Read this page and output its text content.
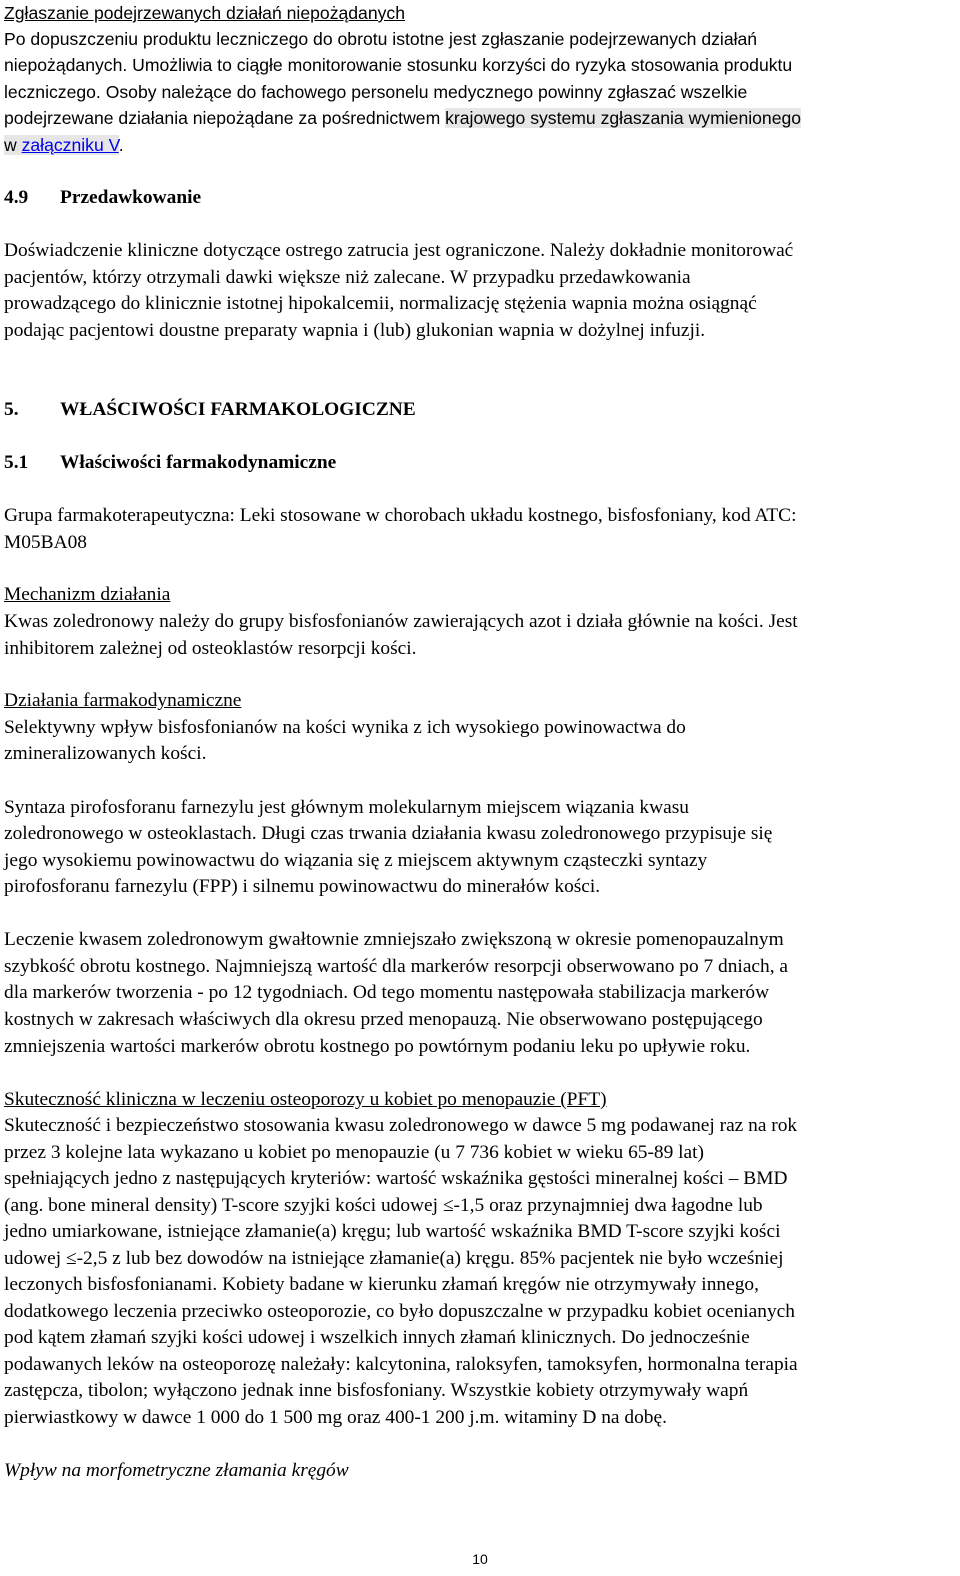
Zgłaszanie podejrzewanych działań niepożądanych
Po dopuszczeniu produktu leczniczego do obrotu istotne jest zgłaszanie podejrzewanych działań
niepożądanych. Umożliwia to ciągłe monitorowanie stosunku korzyści do ryzyka stosowania produktu
leczniczego. Osoby należące do fachowego personelu medycznego powinny zgłaszać wszelkie
podejrzewane działania niepożądane za pośrednictwem krajowego systemu zgłaszania wymienionego
w załączniku V.
4.9 Przedawkowanie
Doświadczenie kliniczne dotyczące ostrego zatrucia jest ograniczone. Należy dokładnie monitorować
pacjentów, którzy otrzymali dawki większe niż zalecane. W przypadku przedawkowania
prowadzącego do klinicznie istotnej hipokalcemii, normalizację stężenia wapnia można osiągnąć
podając pacjentowi doustne preparaty wapnia i (lub) glukonian wapnia w dożylnej infuzji.
5. WŁAŚCIWOŚCI FARMAKOLOGICZNE
5.1 Właściwości farmakodynamiczne
Grupa farmakoterapeutyczna: Leki stosowane w chorobach układu kostnego, bisfosfoniany, kod ATC:
M05BA08
Mechanizm działania
Kwas zoledronowy należy do grupy bisfosfonianów zawierających azot i działa głównie na kości. Jest
inhibitorem zależnej od osteoklastów resorpcji kości.
Działania farmakodynamiczne
Selektywny wpływ bisfosfonianów na kości wynika z ich wysokiego powinowactwa do
zmineralizowanych kości.
Syntaza pirofosforanu farnezylu jest głównym molekularnym miejscem wiązania kwasu
zoledronowego w osteoklastach. Długi czas trwania działania kwasu zoledronowego przypisuje się
jego wysokiemu powinowactwu do wiązania się z miejscem aktywnym cząsteczki syntazy
pirofosforanu farnezylu (FPP) i silnemu powinowactwu do minerałów kości.
Leczenie kwasem zoledronowym gwałtownie zmniejszało zwiększoną w okresie pomenopauzalnym
szybkość obrotu kostnego. Najmniejszą wartość dla markerów resorpcji obserwowano po 7 dniach, a
dla markerów tworzenia - po 12 tygodniach. Od tego momentu następowała stabilizacja markerów
kostnych w zakresach właściwych dla okresu przed menopauzą. Nie obserwowano postępującego
zmniejszenia wartości markerów obrotu kostnego po powtórnym podaniu leku po upływie roku.
Skuteczność kliniczna w leczeniu osteoporozy u kobiet po menopauzie (PFT)
Skuteczność i bezpieczeństwo stosowania kwasu zoledronowego w dawce 5 mg podawanej raz na rok
przez 3 kolejne lata wykazano u kobiet po menopauzie (u 7 736 kobiet w wieku 65-89 lat)
spełniających jedno z następujących kryteriów: wartość wskaźnika gęstości mineralnej kości – BMD
(ang. bone mineral density) T-score szyjki kości udowej ≤-1,5 oraz przynajmniej dwa łagodne lub
jedno umiarkowane, istniejące złamanie(a) kręgu; lub wartość wskaźnika BMD T-score szyjki kości
udowej ≤-2,5 z lub bez dowodów na istniejące złamanie(a) kręgu. 85% pacjentek nie było wcześniej
leczonych bisfosfonianami. Kobiety badane w kierunku złamań kręgów nie otrzymywały innego,
dodatkowego leczenia przeciwko osteoporozie, co było dopuszczalne w przypadku kobiet ocenianych
pod kątem złamań szyjki kości udowej i wszelkich innych złamań klinicznych. Do jednocześnie
podawanych leków na osteoporozę należały: kalcytonina, raloksyfen, tamoksyfen, hormonalna terapia
zastępcza, tibolon; wyłączono jednak inne bisfosfoniany. Wszystkie kobiety otrzymywały wapń
pierwiastkowy w dawce 1 000 do 1 500 mg oraz 400-1 200 j.m. witaminy D na dobę.
Wpływ na morfometryczne złamania kręgów
10
